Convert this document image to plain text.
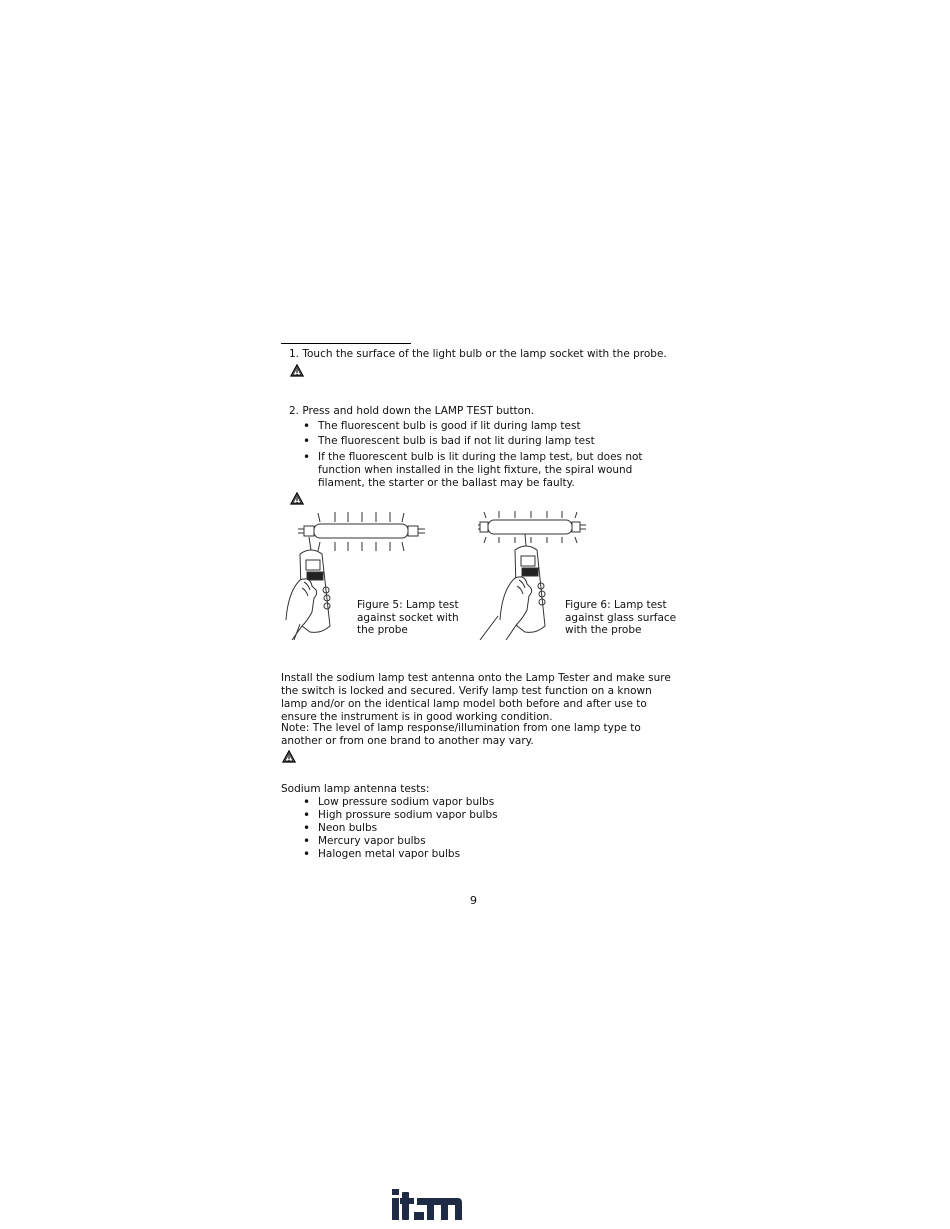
1. Touch the surface of the light bulb or the lamp socket with the probe.
2. Press and hold down the LAMP TEST button.
• The fluorescent bulb is good if lit during lamp test
• The fluorescent bulb is bad if not lit during lamp test
• If the fluorescent bulb is lit during the lamp test, but does not function when installed in the light fixture, the spiral wound filament, the starter or the ballast may be faulty.
Figure 5: Lamp test
against socket with
the probe
Figure 6: Lamp test
against glass surface
with the probe
Install the sodium lamp test antenna onto the Lamp Tester and make sure the switch is locked and secured. Verify lamp test function on a known lamp and/or on the identical lamp model both before and after use to ensure the instrument is in good working condition.
Note: The level of lamp response/illumination from one lamp type to another or from one brand to another may vary.
Sodium lamp antenna tests:
• Low pressure sodium vapor bulbs
• High prossure sodium vapor bulbs
• Neon bulbs
• Mercury vapor bulbs
• Halogen metal vapor bulbs
9
